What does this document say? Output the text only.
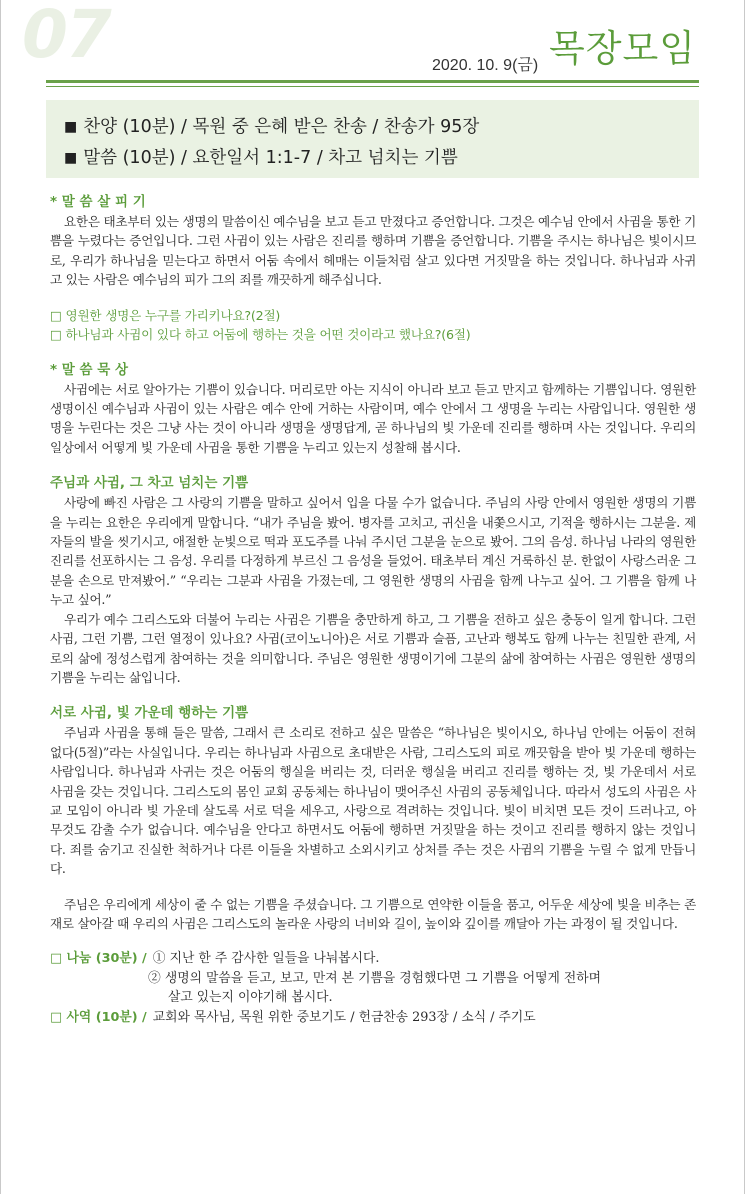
07	2020. 10. 9(금) 목장모임
■ 찬양 (10분) / 목원 중 은혜 받은 찬송 / 찬송가 95장
■ 말씀 (10분) / 요한일서 1:1-7 / 차고 넘치는 기쁨
* 말 씀 살 피 기

요한은 태초부터 있는 생명의 말씀이신 예수님을 보고 듣고 만졌다고 증언합니다. 그것은 예수님 안에서 사귐을 통한 기쁨을 누렸다는 증언입니다. 그런 사귐이 있는 사람은 진리를 행하며 기쁨을 증언합니다. 기쁨을 주시는 하나님은 빛이시므로, 우리가 하나님을 믿는다고 하면서 어둠 속에서 헤매는 이들처럼 살고 있다면 거짓말을 하는 것입니다. 하나님과 사귀고 있는 사람은 예수님의 피가 그의 죄를 깨끗하게 해주십니다.

□ 영원한 생명은 누구를 가리키나요?(2절)
□ 하나님과 사귐이 있다 하고 어둠에 행하는 것을 어떤 것이라고 했나요?(6절)
* 말 씀 묵 상

사귐에는 서로 알아가는 기쁨이 있습니다. 머리로만 아는 지식이 아니라 보고 듣고 만지고 함께하는 기쁨입니다. 영원한 생명이신 예수님과 사귐이 있는 사람은 예수 안에 거하는 사람이며, 예수 안에서 그 생명을 누리는 사람입니다. 영원한 생명을 누린다는 것은 그냥 사는 것이 아니라 생명을 생명답게, 곧 하나님의 빛 가운데 진리를 행하며 사는 것입니다. 우리의 일상에서 어떻게 빛 가운데 사귐을 통한 기쁨을 누리고 있는지 성찰해 봅시다.

주님과 사귐, 그 차고 넘치는 기쁨

사랑에 빠진 사람은 그 사랑의 기쁨을 말하고 싶어서 입을 다물 수가 없습니다. 주님의 사랑 안에서 영원한 생명의 기쁨을 누리는 요한은 우리에게 말합니다. “내가 주님을 봤어. 병자를 고치고, 귀신을 내쫓으시고, 기적을 행하시는 그분을. 제자들의 발을 씻기시고, 애절한 눈빛으로 떡과 포도주를 나눠 주시던 그분을 눈으로 봤어. 그의 음성. 하나님 나라의 영원한 진리를 선포하시는 그 음성. 우리를 다정하게 부르신 그 음성을 들었어. 태초부터 계신 거룩하신 분. 한없이 사랑스러운 그분을 손으로 만져봤어.” “우리는 그분과 사귐을 가졌는데, 그 영원한 생명의 사귐을 함께 나누고 싶어. 그 기쁨을 함께 나누고 싶어.”

우리가 예수 그리스도와 더불어 누리는 사귐은 기쁨을 충만하게 하고, 그 기쁨을 전하고 싶은 충동이 일게 합니다. 그런 사귐, 그런 기쁨, 그런 열정이 있나요? 사귐(코이노니아)은 서로 기쁨과 슬픔, 고난과 행복도 함께 나누는 친밀한 관계, 서로의 삶에 정성스럽게 참여하는 것을 의미합니다. 주님은 영원한 생명이기에 그분의 삶에 참여하는 사귐은 영원한 생명의 기쁨을 누리는 삶입니다.

서로 사귐, 빛 가운데 행하는 기쁨

주님과 사귐을 통해 들은 말씀, 그래서 큰 소리로 전하고 싶은 말씀은 “하나님은 빛이시오, 하나님 안에는 어둠이 전혀 없다(5절)”라는 사실입니다. 우리는 하나님과 사귐으로 초대받은 사람, 그리스도의 피로 깨끗함을 받아 빛 가운데 행하는 사람입니다. 하나님과 사귀는 것은 어둠의 행실을 버리는 것, 더러운 행실을 버리고 진리를 행하는 것, 빛 가운데서 서로 사귐을 갖는 것입니다. 그리스도의 몸인 교회 공동체는 하나님이 맺어주신 사귐의 공동체입니다. 따라서 성도의 사귐은 사교 모임이 아니라 빛 가운데 살도록 서로 덕을 세우고, 사랑으로 격려하는 것입니다. 빛이 비치면 모든 것이 드러나고, 아무것도 감출 수가 없습니다. 예수님을 안다고 하면서도 어둠에 행하면 거짓말을 하는 것이고 진리를 행하지 않는 것입니다. 죄를 숨기고 진실한 척하거나 다른 이들을 차별하고 소외시키고 상처를 주는 것은 사귐의 기쁨을 누릴 수 없게 만듭니다.

주님은 우리에게 세상이 줄 수 없는 기쁨을 주셨습니다. 그 기쁨으로 연약한 이들을 품고, 어두운 세상에 빛을 비추는 존재로 살아갈 때 우리의 사귐은 그리스도의 놀라운 사랑의 너비와 길이, 높이와 깊이를 깨달아 가는 과정이 될 것입니다.

□ 나눔 (30분) / ① 지난 한 주 감사한 일들을 나눠봅시다.
② 생명의 말씀을 듣고, 보고, 만져 본 기쁨을 경험했다면 그 기쁨을 어떻게 전하며
살고 있는지 이야기해 봅시다.
□ 사역 (10분) / 교회와 목사님, 목원 위한 중보기도 / 헌금찬송 293장 / 소식 / 주기도
